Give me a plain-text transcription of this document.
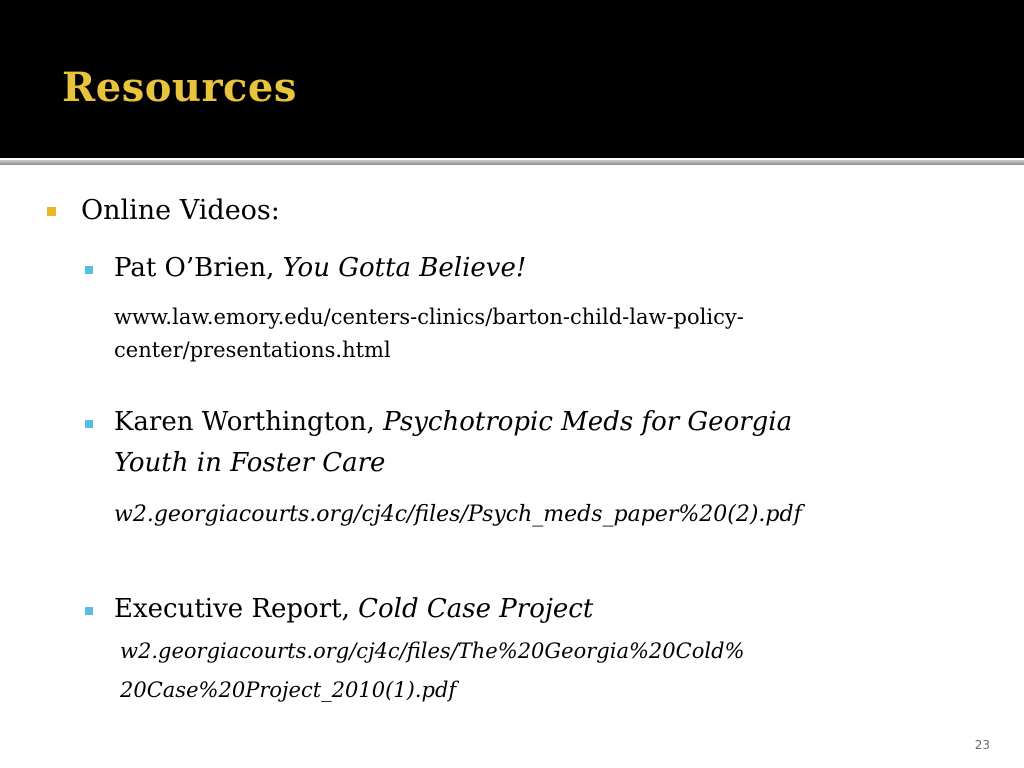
Resources
Online Videos:
Pat O’Brien, You Gotta Believe!
www.law.emory.edu/centers-clinics/barton-child-law-policy-
center/presentations.html
Karen Worthington, Psychotropic Meds for Georgia
Youth in Foster Care
w2.georgiacourts.org/cj4c/files/Psych_meds_paper%20(2).pdf
Executive Report, Cold Case Project
w2.georgiacourts.org/cj4c/files/The%20Georgia%20Cold%
20Case%20Project_2010(1).pdf
23
